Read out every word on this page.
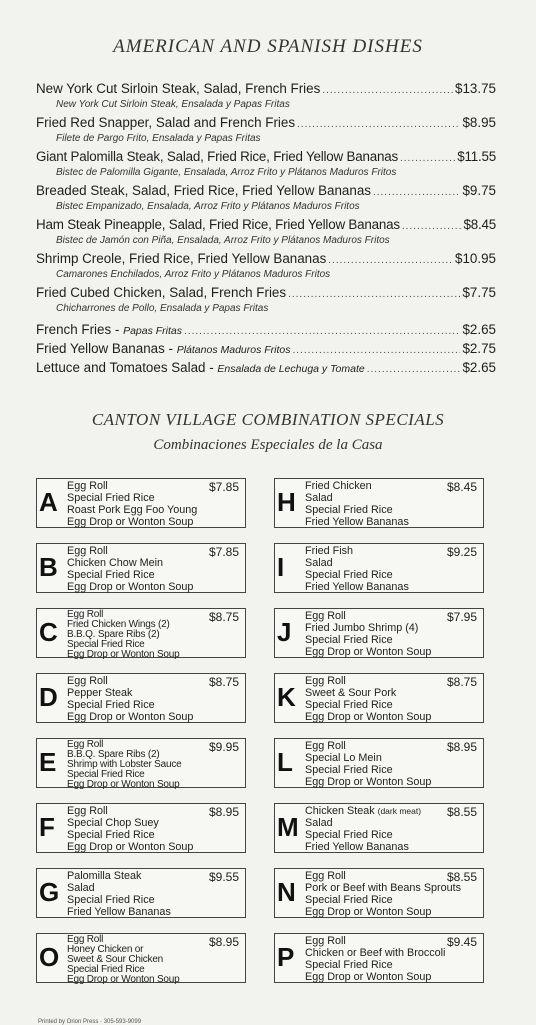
AMERICAN AND SPANISH DISHES
New York Cut Sirloin Steak, Salad, French Fries .....	$13.75
New York Cut Sirloin Steak, Ensalada y Papas Fritas
Fried Red Snapper, Salad and French Fries .....	$8.95
Filete de Pargo Frito, Ensalada y Papas Fritas
Giant Palomilla Steak, Salad, Fried Rice, Fried Yellow Bananas .....	$11.55
Bistec de Palomilla Gigante, Ensalada, Arroz Frito y Plátanos Maduros Fritos
Breaded Steak, Salad, Fried Rice, Fried Yellow Bananas .....	$9.75
Bistec Empanizado, Ensalada, Arroz Frito y Plátanos Maduros Fritos
Ham Steak Pineapple, Salad, Fried Rice, Fried Yellow Bananas .....	$8.45
Bistec de Jamón con Piña, Ensalada, Arroz Frito y Plátanos Maduros Fritos
Shrimp Creole, Fried Rice, Fried Yellow Bananas .....	$10.95
Camarones Enchilados, Arroz Frito y Plátanos Maduros Fritos
Fried Cubed Chicken, Salad, French Fries .....	$7.75
Chicharrones de Pollo, Ensalada y Papas Fritas
French Fries - Papas Fritas .....	$2.65
Fried Yellow Bananas - Plátanos Maduros Fritos .....	$2.75
Lettuce and Tomatoes Salad - Ensalada de Lechuga y Tomate .....	$2.65
CANTON VILLAGE COMBINATION SPECIALS
Combinaciones Especiales de la Casa
A	$7.85
Egg Roll
Special Fried Rice
Roast Pork Egg Foo Young
Egg Drop or Wonton Soup
H	$8.45
Fried Chicken
Salad
Special Fried Rice
Fried Yellow Bananas
B	$7.85
Egg Roll
Chicken Chow Mein
Special Fried Rice
Egg Drop or Wonton Soup
I	$9.25
Fried Fish
Salad
Special Fried Rice
Fried Yellow Bananas
C	$8.75
Egg Roll
Fried Chicken Wings (2)
B.B.Q. Spare Ribs (2)
Special Fried Rice
Egg Drop or Wonton Soup
J	$7.95
Egg Roll
Fried Jumbo Shrimp (4)
Special Fried Rice
Egg Drop or Wonton Soup
D	$8.75
Egg Roll
Pepper Steak
Special Fried Rice
Egg Drop or Wonton Soup
K	$8.75
Egg Roll
Sweet & Sour Pork
Special Fried Rice
Egg Drop or Wonton Soup
E	$9.95
Egg Roll
B.B.Q. Spare Ribs (2)
Shrimp with Lobster Sauce
Special Fried Rice
Egg Drop or Wonton Soup
L	$8.95
Egg Roll
Special Lo Mein
Special Fried Rice
Egg Drop or Wonton Soup
F	$8.95
Egg Roll
Special Chop Suey
Special Fried Rice
Egg Drop or Wonton Soup
M	$8.55
Chicken Steak (dark meat)
Salad
Special Fried Rice
Fried Yellow Bananas
G	$9.55
Palomilla Steak
Salad
Special Fried Rice
Fried Yellow Bananas
N	$8.55
Egg Roll
Pork or Beef with Beans Sprouts
Special Fried Rice
Egg Drop or Wonton Soup
O	$8.95
Egg Roll
Honey Chicken or
Sweet & Sour Chicken
Special Fried Rice
Egg Drop or Wonton Soup
P	$9.45
Egg Roll
Chicken or Beef with Broccoli
Special Fried Rice
Egg Drop or Wonton Soup
Printed by Orion Press · 305-593-9099
